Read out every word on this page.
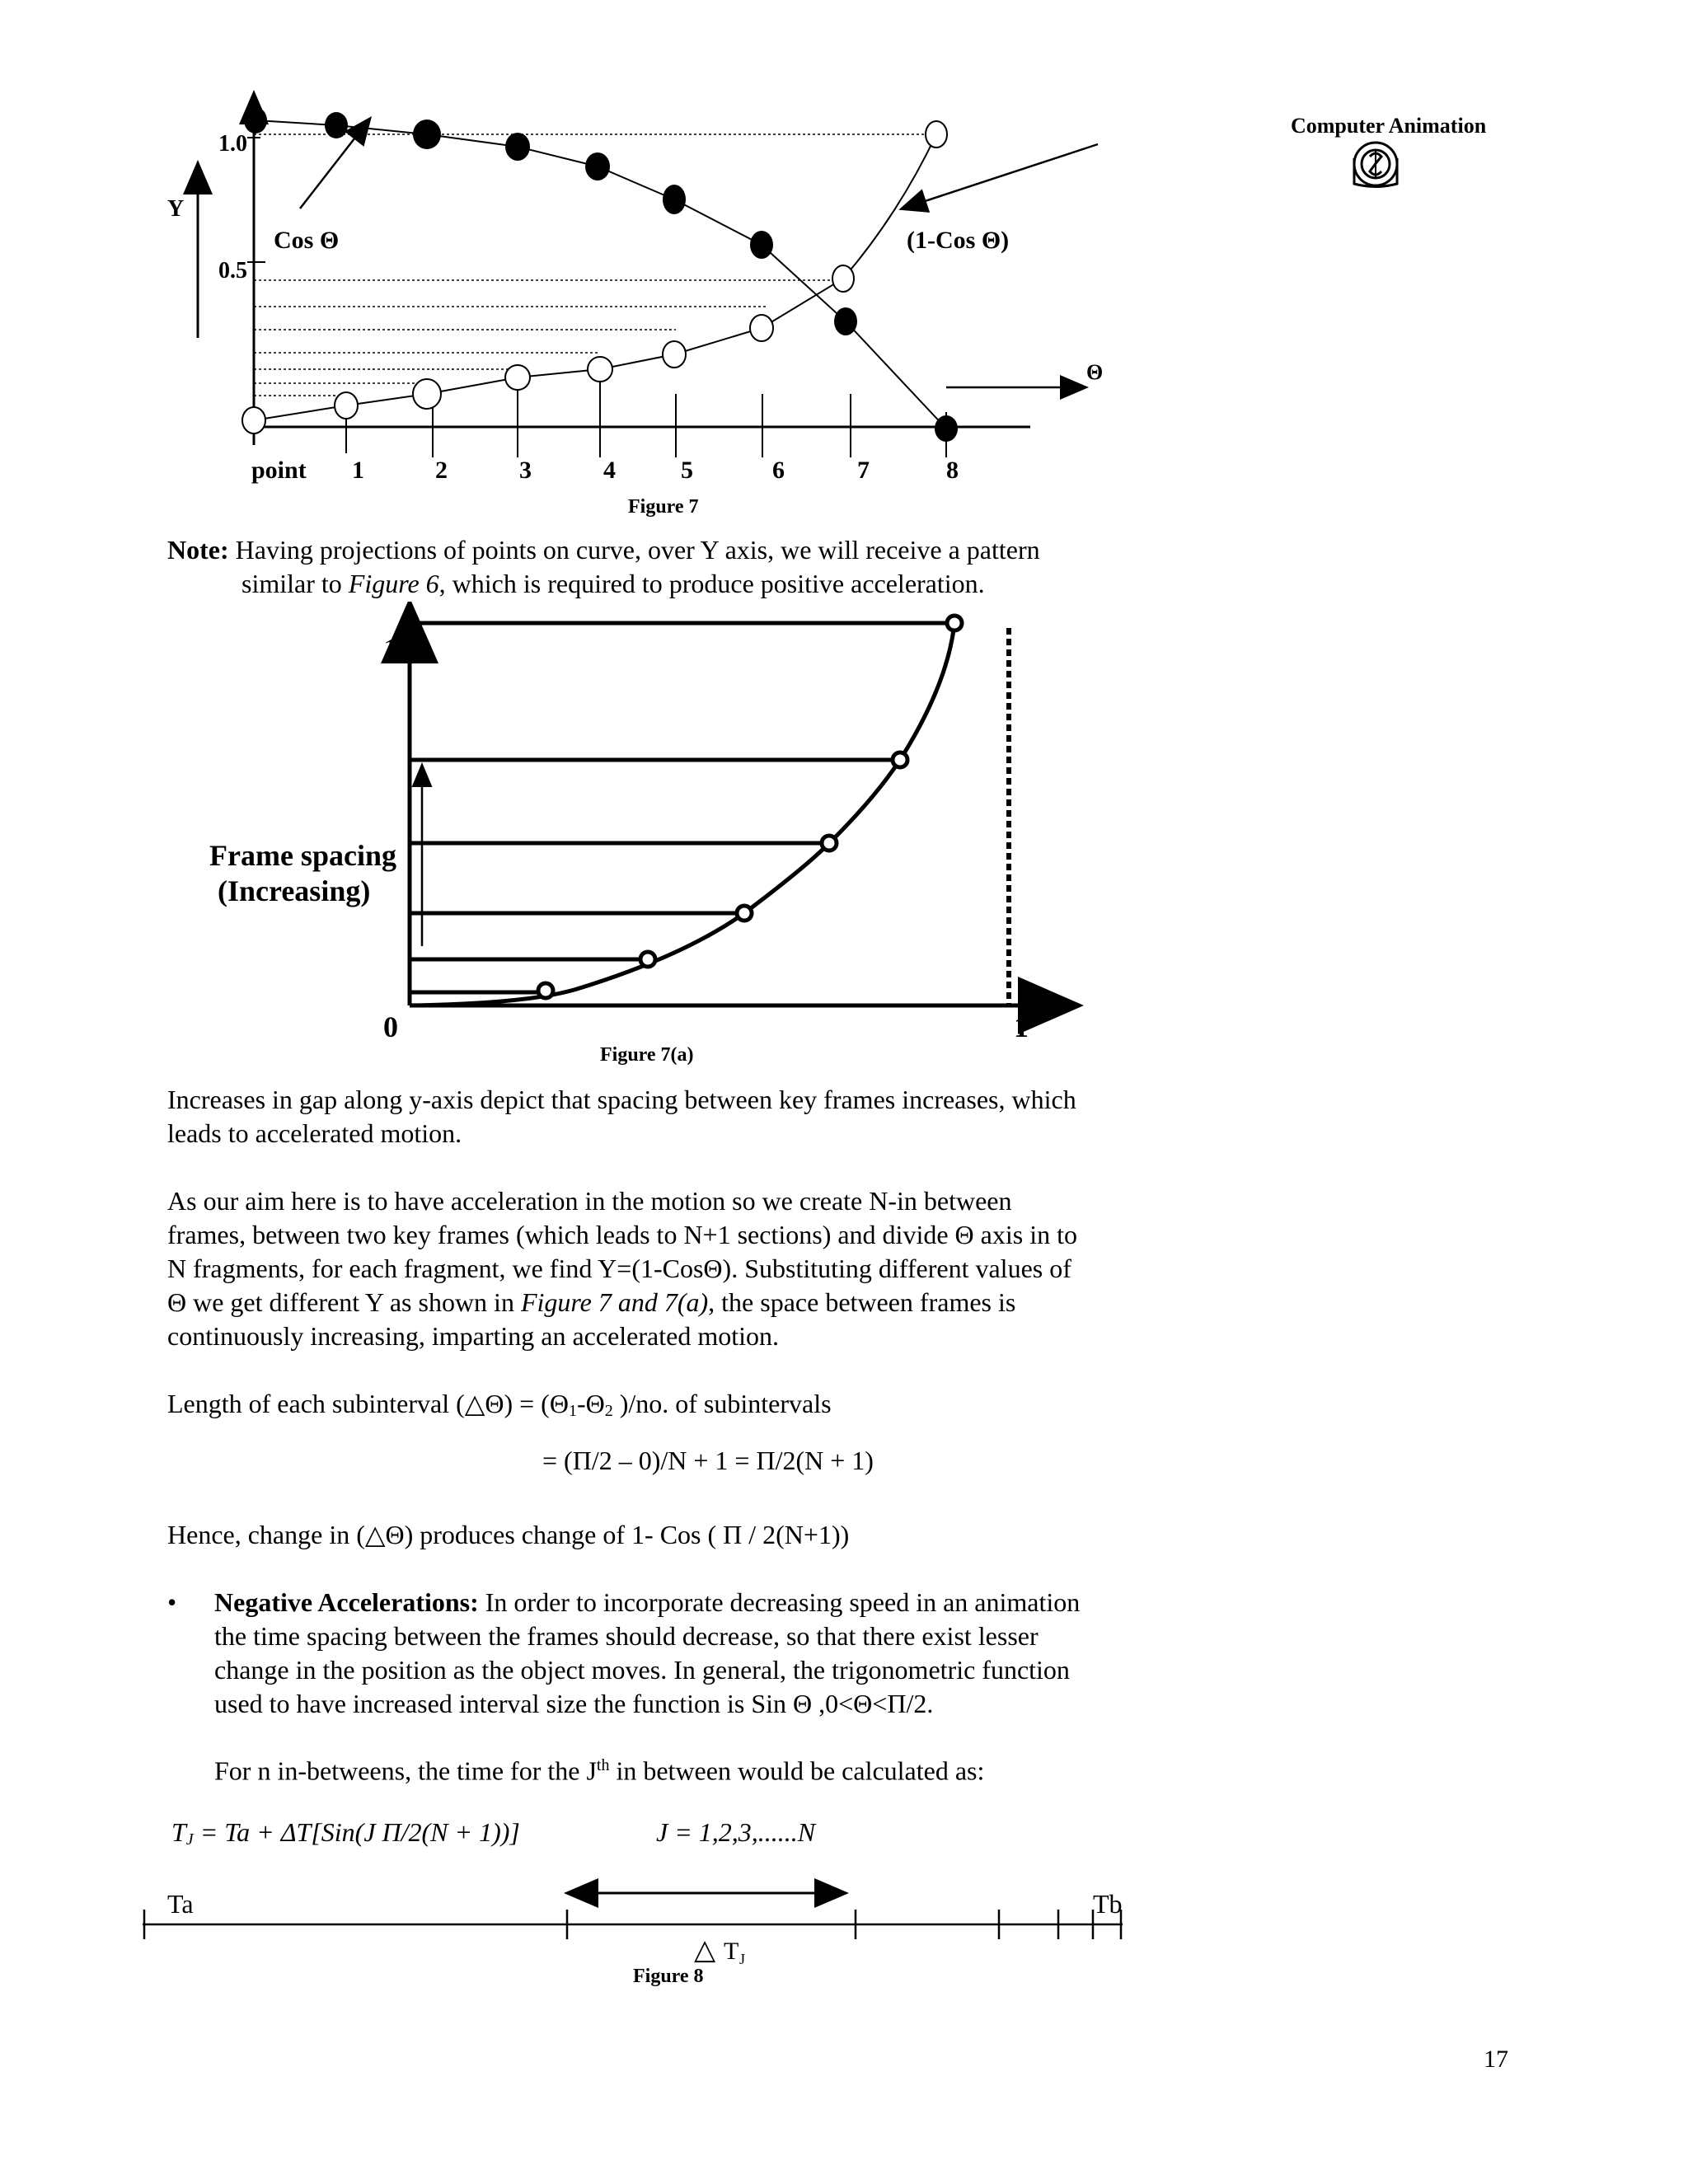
Computer Animation
Y
1.0
0.5
Cos Θ	(1-Cos Θ)
Θ
point 1	2	3	4	5	6	7	8
Figure 7
Note: Having projections of points on curve, over Y axis, we will receive a pattern
similar to Figure 6, which is required to produce positive acceleration.
1
0	1
Frame spacing
(Increasing)
Figure 7(a)
Increases in gap along y-axis depict that spacing between key frames increases, which
leads to accelerated motion.
As our aim here is to have acceleration in the motion so we create N-in between
frames, between two key frames (which leads to N+1 sections) and divide Θ axis in to
N fragments, for each fragment, we find Y=(1-CosΘ). Substituting different values of
Θ we get different Y as shown in Figure 7 and 7(a), the space between frames is
continuously increasing, imparting an accelerated motion.
Length of each subinterval (△Θ) = ($\Theta_1-\Theta_2$ )/no. of subintervals
= (Π/2 – 0)/N + 1 = Π/2(N + 1)
Hence, change in (△Θ) produces change of 1- Cos ( Π / 2(N+1))
• Negative Accelerations: In order to incorporate decreasing speed in an animation
the time spacing between the frames should decrease, so that there exist lesser
change in the position as the object moves. In general, the trigonometric function
used to have increased interval size the function is Sin Θ ,0<Θ<Π/2.
For n in-betweens, the time for the $J^{th}$ in between would be calculated as:
$T_J = Ta + \Delta T[Sin(J$ Π/2(N + 1))]	J = 1,2,3,......N
Ta	Tb
△ T J
Figure 8
17
